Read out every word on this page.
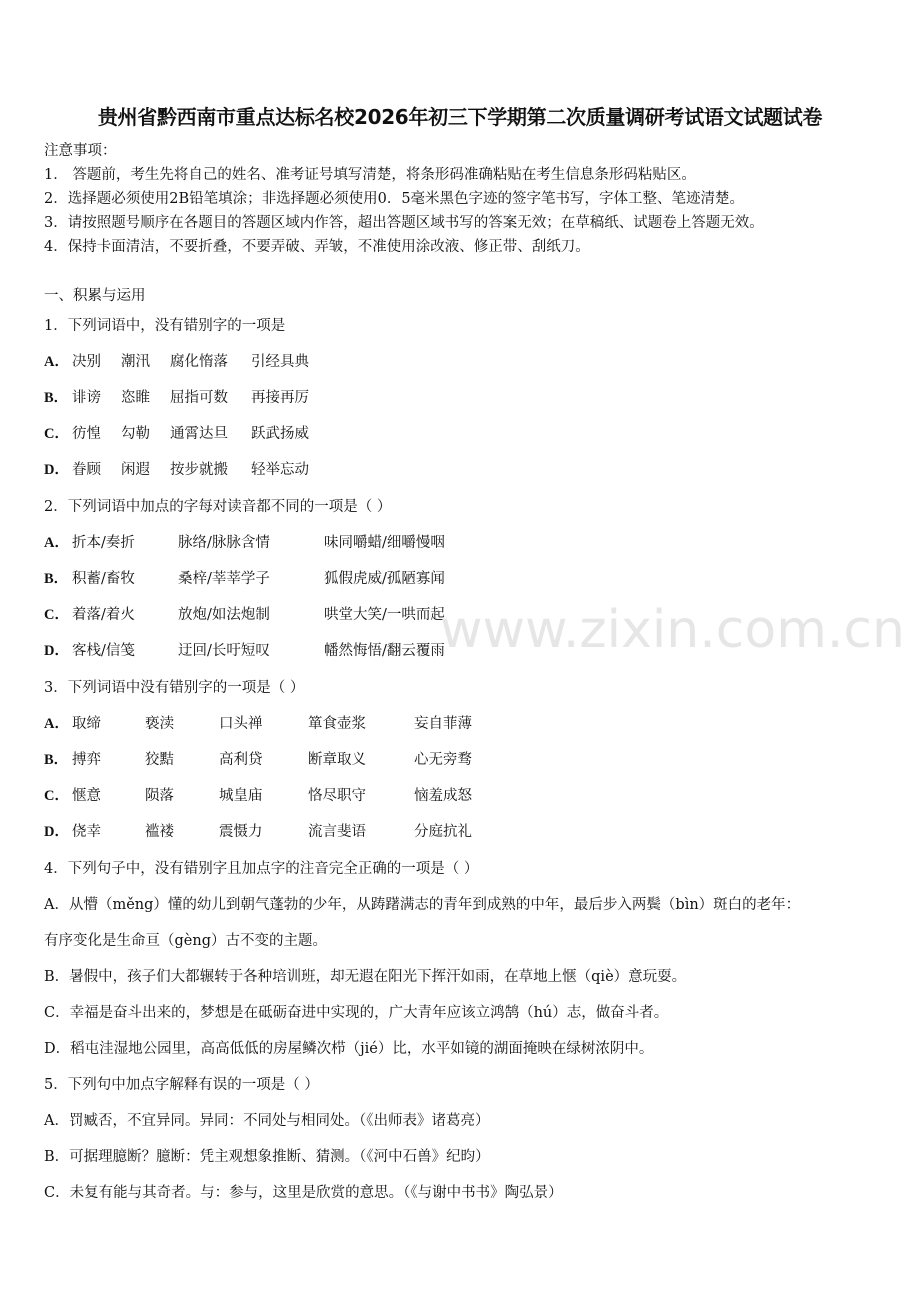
贵州省黔西南市重点达标名校2026年初三下学期第二次质量调研考试语文试题试卷
注意事项：
1． 答题前，考生先将自己的姓名、准考证号填写清楚，将条形码准确粘贴在考生信息条形码粘贴区。
2．选择题必须使用2B铅笔填涂；非选择题必须使用0．5毫米黑色字迹的签字笔书写，字体工整、笔迹清楚。
3．请按照题号顺序在各题目的答题区域内作答，超出答题区域书写的答案无效；在草稿纸、试题卷上答题无效。
4．保持卡面清洁，不要折叠，不要弄破、弄皱，不准使用涂改液、修正带、刮纸刀。
一、积累与运用
1．下列词语中，没有错别字的一项是
A． 决别 潮汛 腐化惰落 引经具典
B． 诽谤 恣睢 屈指可数 再接再厉
C． 彷惶 勾勒 通霄达旦 跃武扬威
D． 眷顾 闲遐 按步就搬 轻举忘动
2．下列词语中加点的字每对读音都不同的一项是（ ）
A． 折本/奏折	脉络/脉脉含情	味同嚼蜡/细嚼慢咽
B． 积蓄/畜牧	桑梓/莘莘学子	狐假虎威/孤陋寡闻
C． 着落/着火	放炮/如法炮制	哄堂大笑/一哄而起
D． 客栈/信笺	迂回/长吁短叹	幡然悔悟/翻云覆雨
3．下列词语中没有错别字的一项是（ ）
A． 取缔	亵渎	口头禅	箪食壶浆	妄自菲薄
B． 搏弈	狡黠	高利贷	断章取义	心无旁骛
C． 惬意	陨落	城皇庙	恪尽职守	恼羞成怒
D． 侥幸	褴褛	震慑力	流言斐语	分庭抗礼
4．下列句子中，没有错别字且加点字的注音完全正确的一项是（ ）
A．从懵（měng）懂的幼儿到朝气蓬勃的少年，从踌躇满志的青年到成熟的中年，最后步入两鬓（bìn）斑白的老年：
有序变化是生命亘（gèng）古不变的主题。
B．暑假中，孩子们大都辗转于各种培训班，却无遐在阳光下挥汗如雨，在草地上惬（qiè）意玩耍。
C．幸福是奋斗出来的，梦想是在砥砺奋进中实现的，广大青年应该立鸿鹄（hú）志，做奋斗者。
D．稻屯洼湿地公园里，高高低低的房屋鳞次栉（jié）比，水平如镜的湖面掩映在绿树浓阴中。
5．下列句中加点字解释有误的一项是（ ）
A．罚臧否，不宜异同。异同：不同处与相同处。（《出师表》诸葛亮）
B．可据理臆断？臆断：凭主观想象推断、猜测。（《河中石兽》纪昀）
C．未复有能与其奇者。与：参与，这里是欣赏的意思。（《与谢中书书》陶弘景）
www.zixin.com.cn
